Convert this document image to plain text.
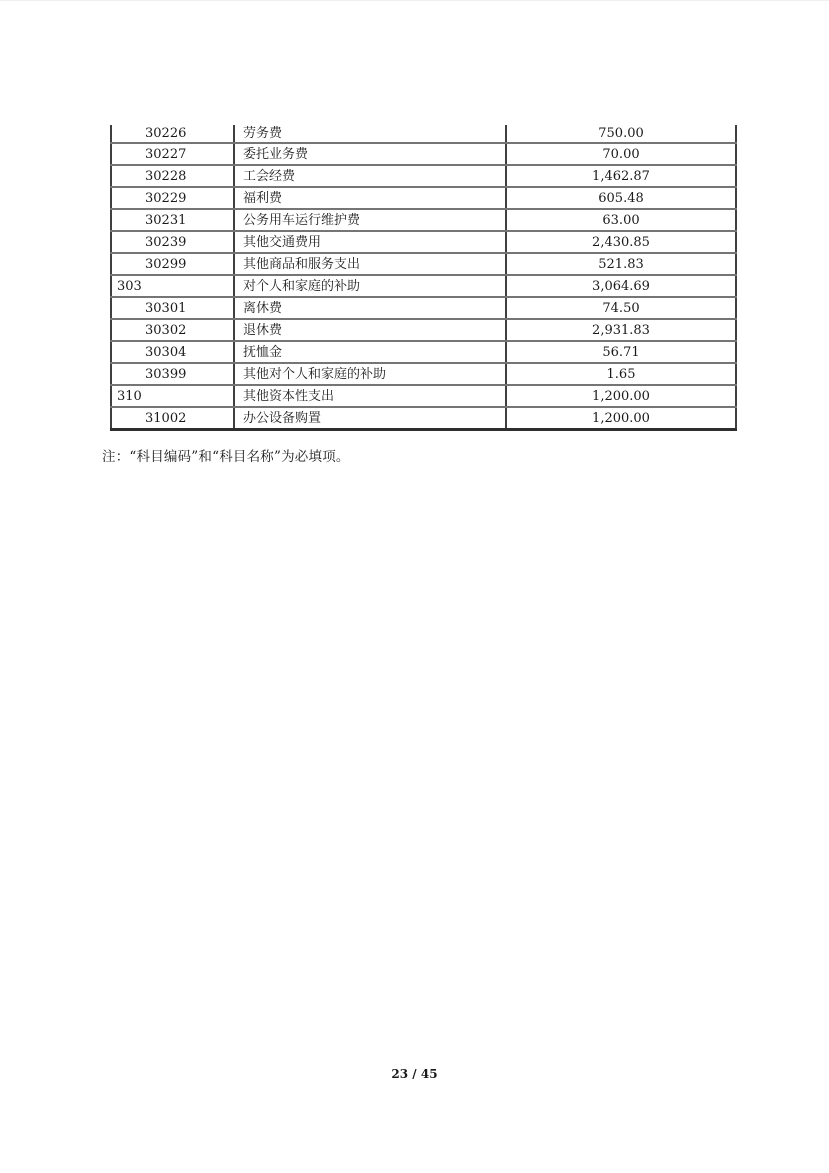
30226	劳务费	750.00
30227	委托业务费	70.00
30228	工会经费	1,462.87
30229	福利费	605.48
30231	公务用车运行维护费	63.00
30239	其他交通费用	2,430.85
30299	其他商品和服务支出	521.83
303	对个人和家庭的补助	3,064.69
30301	离休费	74.50
30302	退休费	2,931.83
30304	抚恤金	56.71
30399	其他对个人和家庭的补助	1.65
310	其他资本性支出	1,200.00
31002	办公设备购置	1,200.00
注：“科目编码”和“科目名称”为必填项。
23 / 45
